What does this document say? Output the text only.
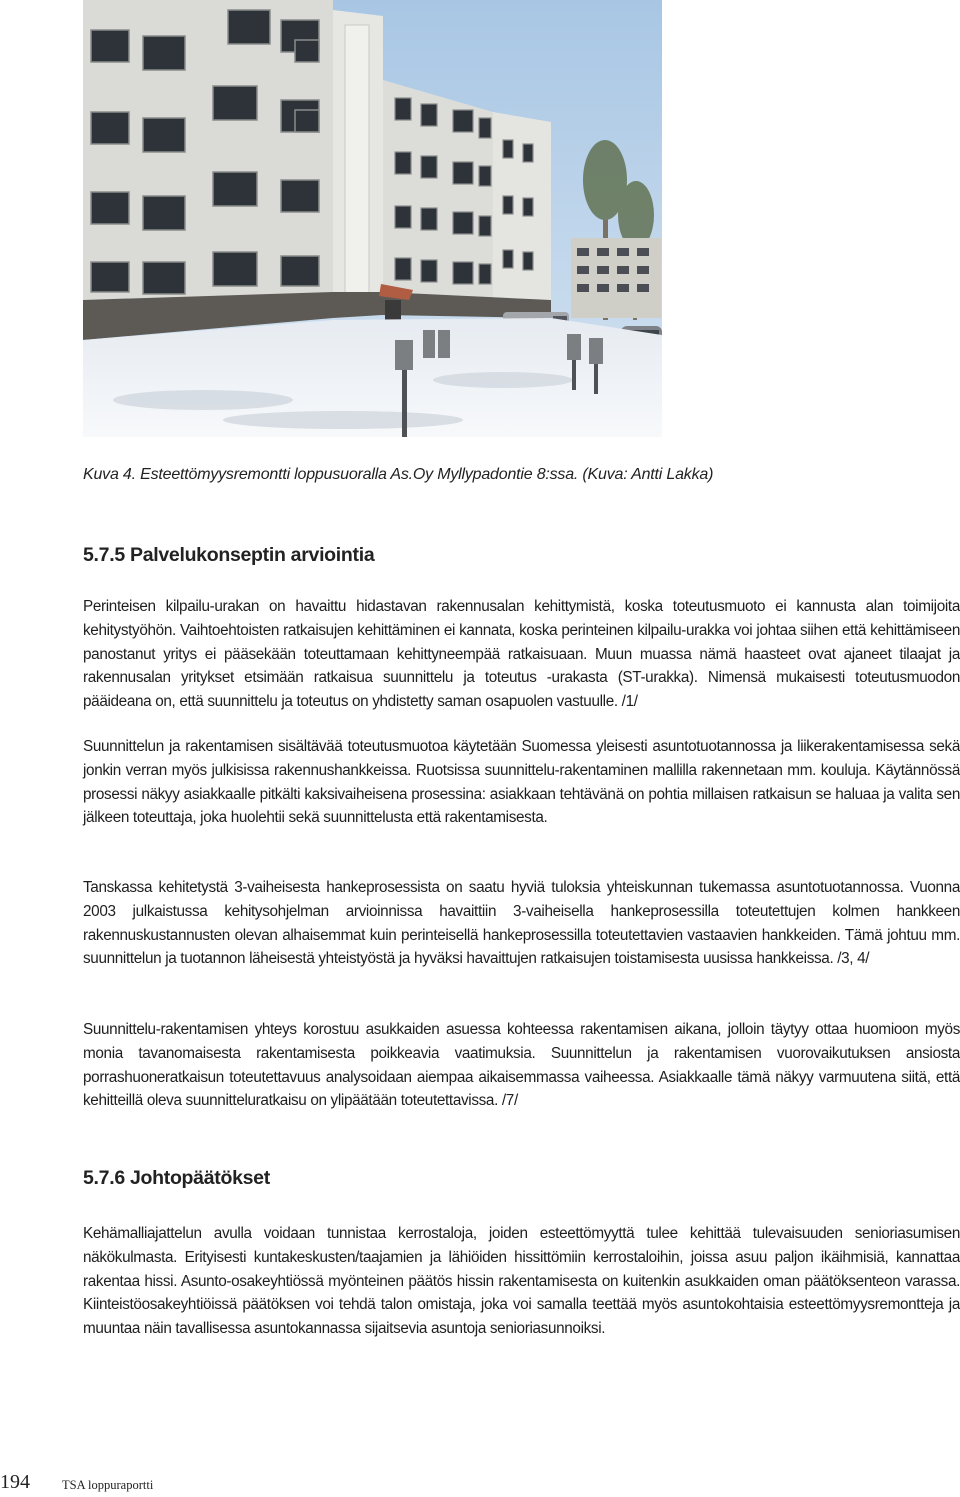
Kuva 4. Esteettömyysremontti loppusuoralla As.Oy Myllypadontie 8:ssa. (Kuva: Antti Lakka)
5.7.5 Palvelukonseptin arviointia

Perinteisen kilpailu-urakan on havaittu hidastavan rakennusalan kehittymistä, koska toteutusmuoto ei kannusta alan toimijoita kehitystyöhön. Vaihtoehtoisten ratkaisujen kehittäminen ei kannata, koska perinteinen kilpailu-urakka voi johtaa siihen että kehittämiseen panostanut yritys ei pääsekään toteuttamaan kehittyneempää ratkaisuaan. Muun muassa nämä haasteet ovat ajaneet tilaajat ja rakennusalan yritykset etsimään ratkaisua suunnittelu ja toteutus -urakasta (ST-urakka). Nimensä mukaisesti toteutusmuodon pääideana on, että suunnittelu ja toteutus on yhdistetty saman osapuolen vastuulle. /1/

Suunnittelun ja rakentamisen sisältävää toteutusmuotoa käytetään Suomessa yleisesti asuntotuotannossa ja liikerakentamisessa sekä jonkin verran myös julkisissa rakennushankkeissa. Ruotsissa suunnittelu-rakentaminen mallilla rakennetaan mm. kouluja. Käytännössä prosessi näkyy asiakkaalle pitkälti kaksivaiheisena prosessina: asiakkaan tehtävänä on pohtia millaisen ratkaisun se haluaa ja valita sen jälkeen toteuttaja, joka huolehtii sekä suunnittelusta että rakentamisesta.

Tanskassa kehitetystä 3-vaiheisesta hankeprosessista on saatu hyviä tuloksia yhteiskunnan tukemassa asuntotuotannossa. Vuonna 2003 julkaistussa kehitysohjelman arvioinnissa havaittiin 3-vaiheisella hankeprosessilla toteutettujen kolmen hankkeen rakennuskustannusten olevan alhaisemmat kuin perinteisellä hankeprosessilla toteutettavien vastaavien hankkeiden. Tämä johtuu mm. suunnittelun ja tuotannon läheisestä yhteistyöstä ja hyväksi havaittujen ratkaisujen toistamisesta uusissa hankkeissa. /3, 4/

Suunnittelu-rakentamisen yhteys korostuu asukkaiden asuessa kohteessa rakentamisen aikana, jolloin täytyy ottaa huomioon myös monia tavanomaisesta rakentamisesta poikkeavia vaatimuksia. Suunnittelun ja rakentamisen vuorovaikutuksen ansiosta porrashuoneratkaisun toteutettavuus analysoidaan aiempaa aikaisemmassa vaiheessa. Asiakkaalle tämä näkyy varmuutena siitä, että kehitteillä oleva suunnitteluratkaisu on ylipäätään toteutettavissa. /7/

5.7.6 Johtopäätökset

Kehämalliajattelun avulla voidaan tunnistaa kerrostaloja, joiden esteettömyyttä tulee kehittää tulevaisuuden senioriasumisen näkökulmasta. Erityisesti kuntakeskusten/taajamien ja lähiöiden hissittömiin kerrostaloihin, joissa asuu paljon ikäihmisiä, kannattaa rakentaa hissi. Asunto-osakeyhtiössä myönteinen päätös hissin rakentamisesta on kuitenkin asukkaiden oman päätöksenteon varassa. Kiinteistöosakeyhtiöissä päätöksen voi tehdä talon omistaja, joka voi samalla teettää myös asuntokohtaisia esteettömyysremontteja ja muuntaa näin tavallisessa asuntokannassa sijaitsevia asuntoja senioriasunnoiksi.

194	TSA loppuraportti
